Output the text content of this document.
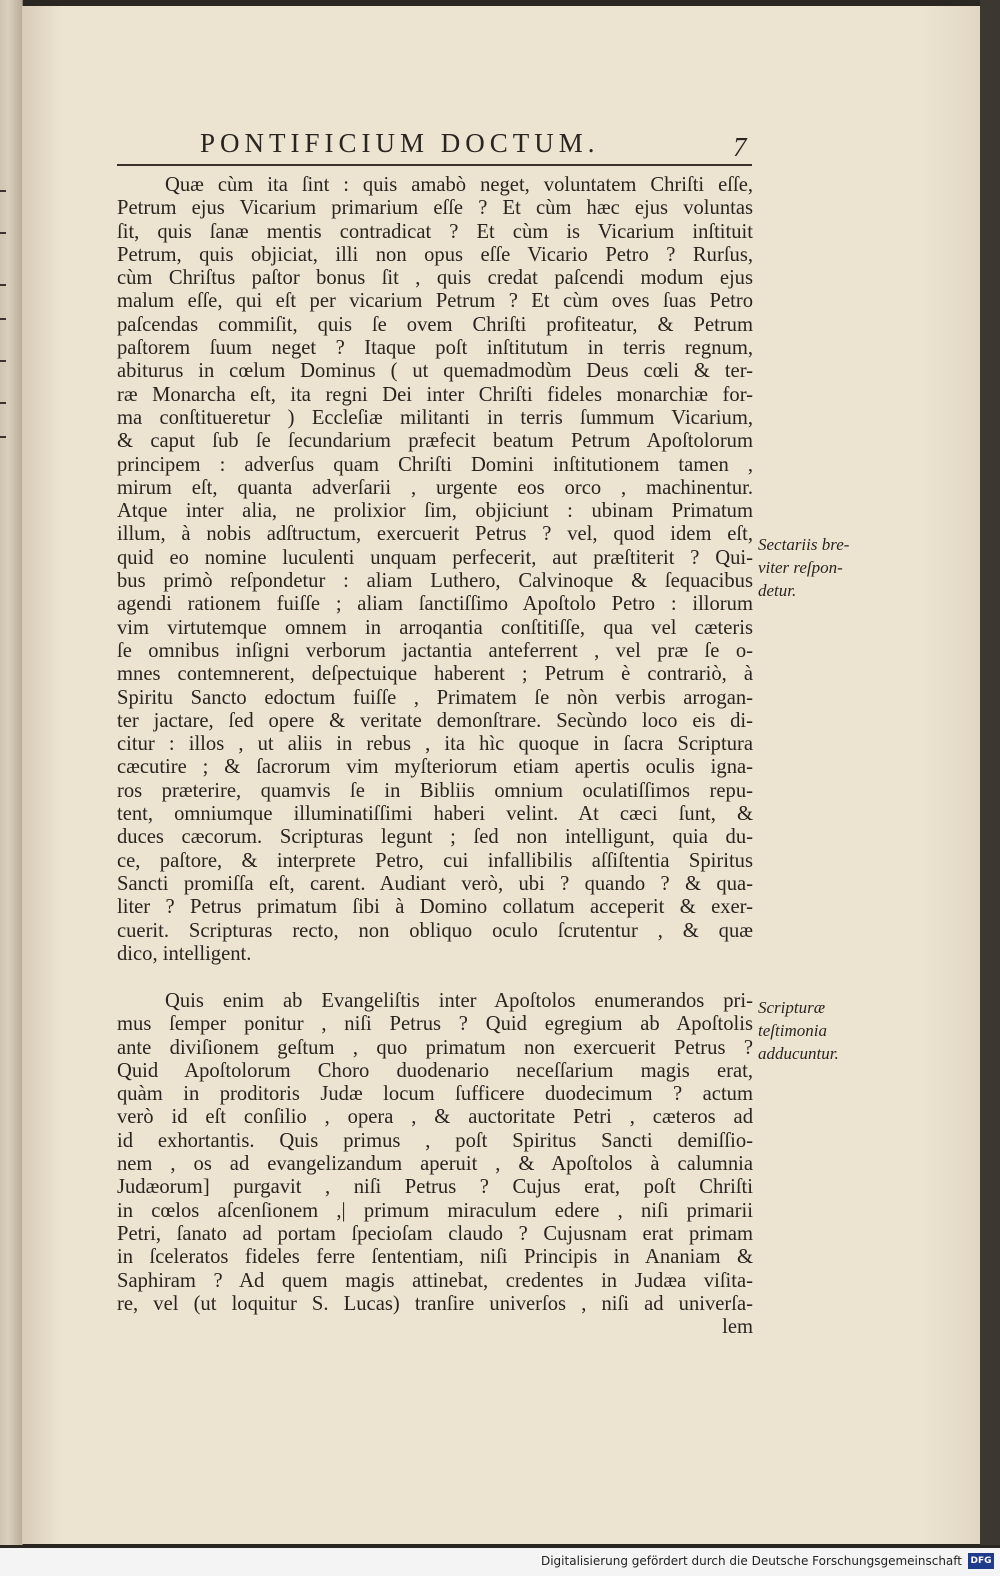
PONTIFICIUM DOCTUM.	7
Quæ cùm ita ſint : quis amabò neget, voluntatem Chriſti eſſe,
Petrum ejus Vicarium primarium eſſe ? Et cùm hæc ejus voluntas
ſit, quis ſanæ mentis contradicat ? Et cùm is Vicarium inſtituit
Petrum, quis objiciat, illi non opus eſſe Vicario Petro ? Rurſus,
cùm Chriſtus paſtor bonus ſit , quis credat paſcendi modum ejus
malum eſſe, qui eſt per vicarium Petrum ? Et cùm oves ſuas Petro
paſcendas commiſit, quis ſe ovem Chriſti profiteatur, & Petrum
paſtorem ſuum neget ? Itaque poſt inſtitutum in terris regnum,
abiturus in cœlum Dominus ( ut quemadmodùm Deus cœli & ter-
ræ Monarcha eſt, ita regni Dei inter Chriſti fideles monarchiæ for-
ma conſtitueretur ) Eccleſiæ militanti in terris ſummum Vicarium,
& caput ſub ſe ſecundarium præfecit beatum Petrum Apoſtolorum
principem : adverſus quam Chriſti Domini inſtitutionem tamen ,
mirum eſt, quanta adverſarii , urgente eos orco , machinentur.
Atque inter alia, ne prolixior ſim, objiciunt : ubinam Primatum
illum, à nobis adſtructum, exercuerit Petrus ? vel, quod idem eſt,
quid eo nomine luculenti unquam perfecerit, aut præſtiterit ? Qui-
bus primò reſpondetur : aliam Luthero, Calvinoque & ſequacibus
agendi rationem fuiſſe ; aliam ſanctiſſimo Apoſtolo Petro : illorum
vim virtutemque omnem in arroqantia conſtitiſſe, qua vel cæteris
ſe omnibus inſigni verborum jactantia anteferrent , vel præ ſe o-
mnes contemnerent, deſpectuique haberent ; Petrum è contrariò, à
Spiritu Sancto edoctum fuiſſe , Primatem ſe nòn verbis arrogan-
ter jactare, ſed opere & veritate demonſtrare. Secùndo loco eis di-
citur : illos , ut aliis in rebus , ita hìc quoque in ſacra Scriptura
cæcutire ; & ſacrorum vim myſteriorum etiam apertis oculis igna-
ros præterire, quamvis ſe in Bibliis omnium oculatiſſimos repu-
tent, omniumque illuminatiſſimi haberi velint. At cæci ſunt, &
duces cæcorum. Scripturas legunt ; ſed non intelligunt, quia du-
ce, paſtore, & interprete Petro, cui infallibilis aſſiſtentia Spiritus
Sancti promiſſa eſt, carent. Audiant verò, ubi ? quando ? & qua-
liter ? Petrus primatum ſibi à Domino collatum acceperit & exer-
cuerit. Scripturas recto, non obliquo oculo ſcrutentur , & quæ
dico, intelligent.
Quis enim ab Evangeliſtis inter Apoſtolos enumerandos pri-
mus ſemper ponitur , niſi Petrus ? Quid egregium ab Apoſtolis
ante diviſionem geſtum , quo primatum non exercuerit Petrus ?
Quid Apoſtolorum Choro duodenario neceſſarium magis erat,
quàm in proditoris Judæ locum ſufficere duodecimum ? actum
verò id eſt conſilio , opera , & auctoritate Petri , cæteros ad
id exhortantis. Quis primus , poſt Spiritus Sancti demiſſio-
nem , os ad evangelizandum aperuit , & Apoſtolos à calumnia
Judæorum] purgavit , niſi Petrus ? Cujus erat, poſt Chriſti
in cœlos aſcenſionem ,| primum miraculum edere , niſi primarii
Petri, ſanato ad portam ſpecioſam claudo ? Cujusnam erat primam
in ſceleratos fideles ferre ſententiam, niſi Principis in Ananiam &
Saphiram ? Ad quem magis attinebat, credentes in Judæa viſita-
re, vel (ut loquitur S. Lucas) tranſire univerſos , niſi ad univerſa-
lem
Sectariis bre-
viter reſpon-
detur.
Scripturæ
teſtimonia
adducuntur.
Digitalisierung gefördert durch die Deutsche Forschungsgemeinschaft DFG
